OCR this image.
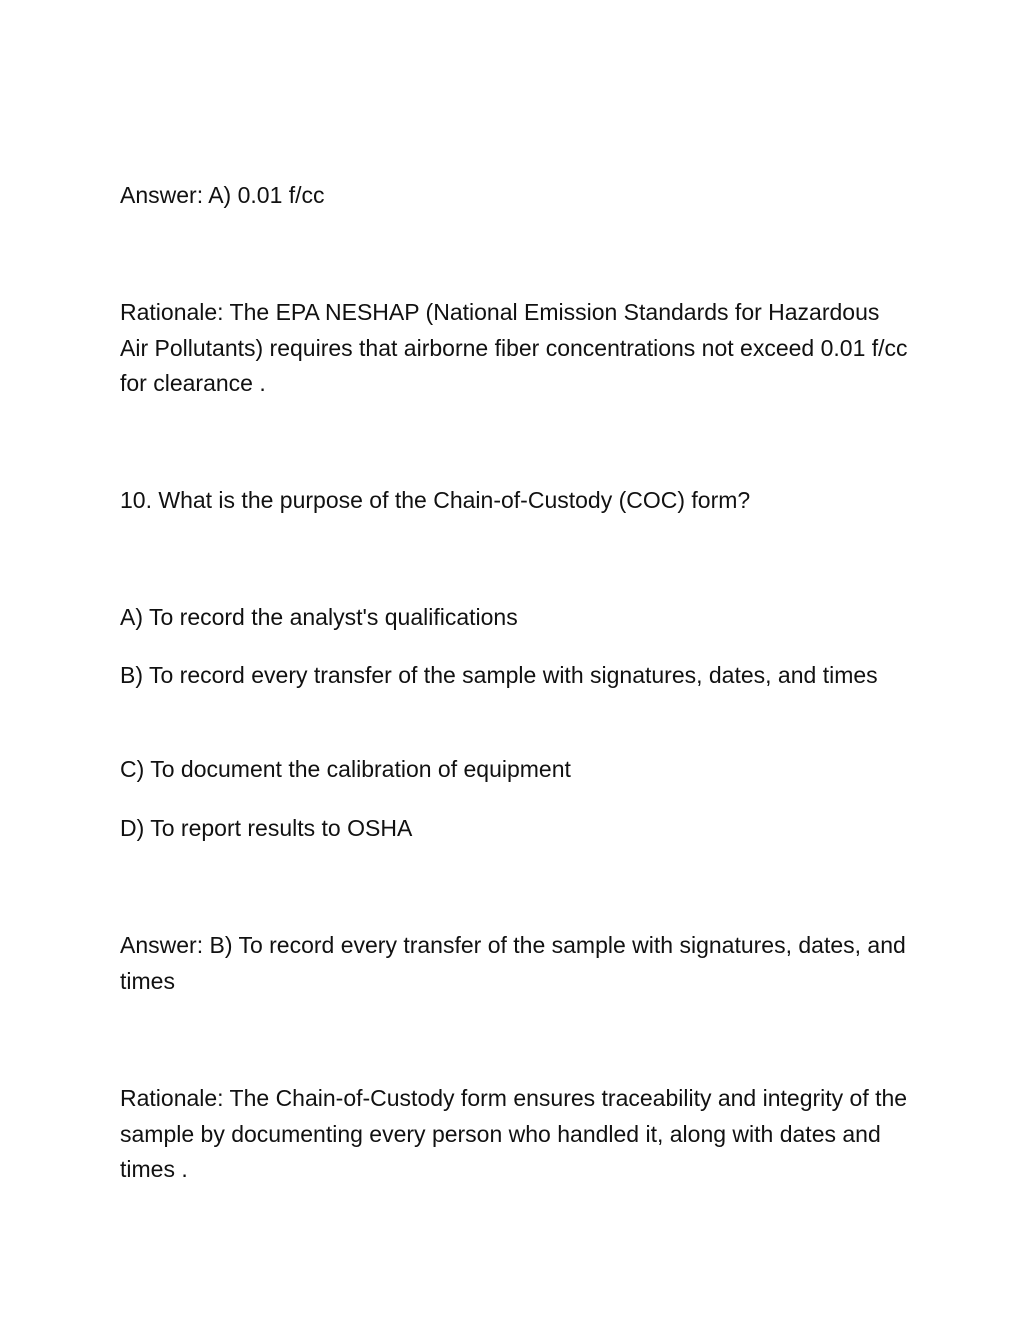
Answer: A) 0.01 f/cc

Rationale: The EPA NESHAP (National Emission Standards for Hazardous Air Pollutants) requires that airborne fiber concentrations not exceed 0.01 f/cc for clearance .

10. What is the purpose of the Chain-of-Custody (COC) form?

A) To record the analyst's qualifications

B) To record every transfer of the sample with signatures, dates, and times

C) To document the calibration of equipment

D) To report results to OSHA

Answer: B) To record every transfer of the sample with signatures, dates, and times

Rationale: The Chain-of-Custody form ensures traceability and integrity of the sample by documenting every person who handled it, along with dates and times .
